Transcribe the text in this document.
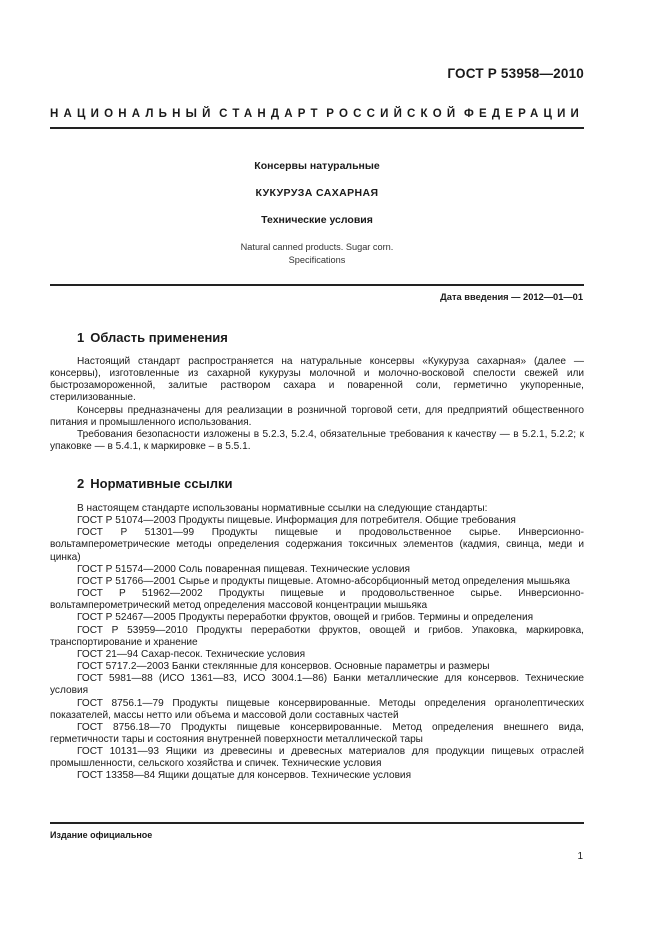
ГОСТ Р 53958—2010
НАЦИОНАЛЬНЫЙ СТАНДАРТ РОССИЙСКОЙ ФЕДЕРАЦИИ
Консервы натуральные
КУКУРУЗА САХАРНАЯ
Технические условия
Natural canned products. Sugar corn.
Specifications
Дата введения — 2012—01—01
1 Область применения

Настоящий стандарт распространяется на натуральные консервы «Кукуруза сахарная» (далее — консервы), изготовленные из сахарной кукурузы молочной и молочно-восковой спелости свежей или быстрозамороженной, залитые раствором сахара и поваренной соли, герметично укупоренные, стерилизованные.

Консервы предназначены для реализации в розничной торговой сети, для предприятий общественного питания и промышленного использования.

Требования безопасности изложены в 5.2.3, 5.2.4, обязательные требования к качеству — в 5.2.1, 5.2.2; к упаковке — в 5.4.1, к маркировке – в 5.5.1.

2 Нормативные ссылки

В настоящем стандарте использованы нормативные ссылки на следующие стандарты:

ГОСТ Р 51074—2003 Продукты пищевые. Информация для потребителя. Общие требования

ГОСТ Р 51301—99 Продукты пищевые и продовольственное сырье. Инверсионно-вольтамперометрические методы определения содержания токсичных элементов (кадмия, свинца, меди и цинка)

ГОСТ Р 51574—2000 Соль поваренная пищевая. Технические условия

ГОСТ Р 51766—2001 Сырье и продукты пищевые. Атомно-абсорбционный метод определения мышьяка

ГОСТ Р 51962—2002 Продукты пищевые и продовольственное сырье. Инверсионно-вольтамперометрический метод определения массовой концентрации мышьяка

ГОСТ Р 52467—2005 Продукты переработки фруктов, овощей и грибов. Термины и определения

ГОСТ Р 53959—2010 Продукты переработки фруктов, овощей и грибов. Упаковка, маркировка, транспортирование и хранение

ГОСТ 21—94 Сахар-песок. Технические условия

ГОСТ 5717.2—2003 Банки стеклянные для консервов. Основные параметры и размеры

ГОСТ 5981—88 (ИСО 1361—83, ИСО 3004.1—86) Банки металлические для консервов. Технические условия

ГОСТ 8756.1—79 Продукты пищевые консервированные. Методы определения органолептических показателей, массы нетто или объема и массовой доли составных частей

ГОСТ 8756.18—70 Продукты пищевые консервированные. Метод определения внешнего вида, герметичности тары и состояния внутренней поверхности металлической тары

ГОСТ 10131—93 Ящики из древесины и древесных материалов для продукции пищевых отраслей промышленности, сельского хозяйства и спичек. Технические условия

ГОСТ 13358—84 Ящики дощатые для консервов. Технические условия

Издание официальное
1
